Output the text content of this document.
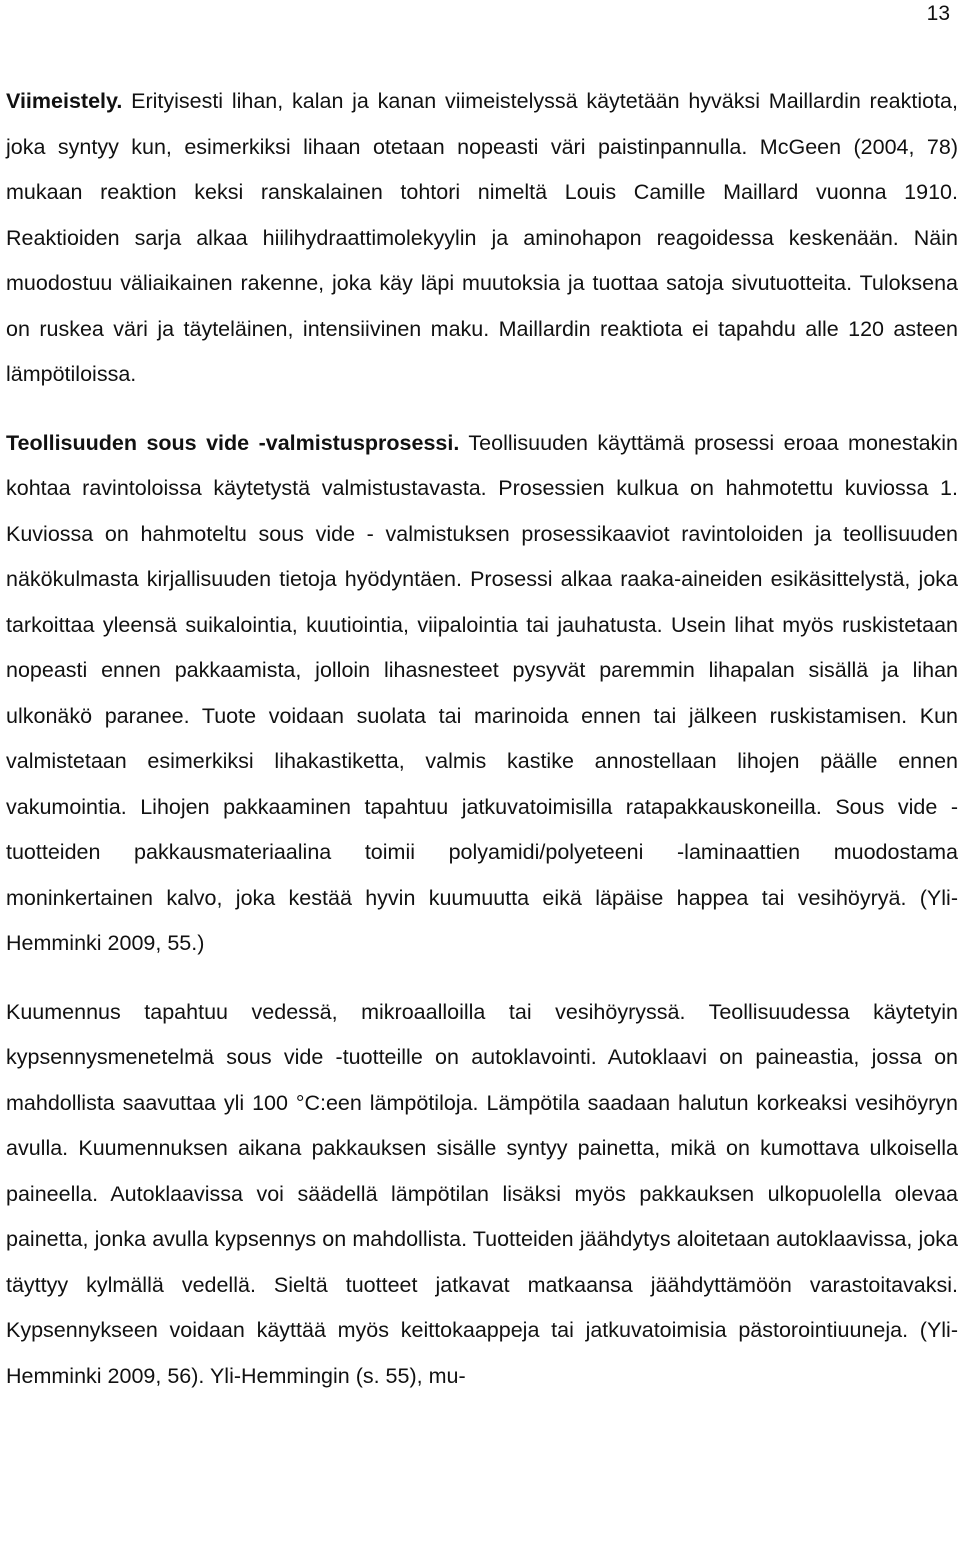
13

Viimeistely. Erityisesti lihan, kalan ja kanan viimeistelyssä käytetään hyväksi Maillardin reaktiota, joka syntyy kun, esimerkiksi lihaan otetaan nopeasti väri paistinpannulla. McGeen (2004, 78) mukaan reaktion keksi ranskalainen tohtori nimeltä Louis Camille Maillard vuonna 1910. Reaktioiden sarja alkaa hiilihydraattimolekyylin ja aminohapon reagoidessa keskenään. Näin muodostuu väliaikainen rakenne, joka käy läpi muutoksia ja tuottaa satoja sivutuotteita. Tuloksena on ruskea väri ja täyteläinen, intensiivinen maku. Maillardin reaktiota ei tapahdu alle 120 asteen lämpötiloissa.

Teollisuuden sous vide -valmistusprosessi. Teollisuuden käyttämä prosessi eroaa monestakin kohtaa ravintoloissa käytetystä valmistustavasta. Prosessien kulkua on hahmotettu kuviossa 1. Kuviossa on hahmoteltu sous vide - valmistuksen prosessikaaviot ravintoloiden ja teollisuuden näkökulmasta kirjallisuuden tietoja hyödyntäen. Prosessi alkaa raaka-aineiden esikäsittelystä, joka tarkoittaa yleensä suikalointia, kuutiointia, viipalointia tai jauhatusta. Usein lihat myös ruskistetaan nopeasti ennen pakkaamista, jolloin lihasnesteet pysyvät paremmin lihapalan sisällä ja lihan ulkonäkö paranee. Tuote voidaan suolata tai marinoida ennen tai jälkeen ruskistamisen. Kun valmistetaan esimerkiksi lihakastiketta, valmis kastike annostellaan lihojen päälle ennen vakumointia. Lihojen pakkaaminen tapahtuu jatkuvatoimisilla ratapakkauskoneilla. Sous vide -tuotteiden pakkausmateriaalina toimii polyamidi/polyeteeni -laminaattien muodostama moninkertainen kalvo, joka kestää hyvin kuumuutta eikä läpäise happea tai vesihöyryä. (Yli-Hemminki 2009, 55.)

Kuumennus tapahtuu vedessä, mikroaalloilla tai vesihöyryssä. Teollisuudessa käytetyin kypsennysmenetelmä sous vide -tuotteille on autoklavointi. Autoklaavi on paineastia, jossa on mahdollista saavuttaa yli 100 °C:een lämpötiloja. Lämpötila saadaan halutun korkeaksi vesihöyryn avulla. Kuumennuksen aikana pakkauksen sisälle syntyy painetta, mikä on kumottava ulkoisella paineella. Autoklaavissa voi säädellä lämpötilan lisäksi myös pakkauksen ulkopuolella olevaa painetta, jonka avulla kypsennys on mahdollista. Tuotteiden jäähdytys aloitetaan autoklaavissa, joka täyttyy kylmällä vedellä. Sieltä tuotteet jatkavat matkaansa jäähdyttämöön varastoitavaksi. Kypsennykseen voidaan käyttää myös keittokaappeja tai jatkuvatoimisia pästorointiuuneja. (Yli-Hemminki 2009, 56). Yli-Hemmingin (s. 55), mu-
